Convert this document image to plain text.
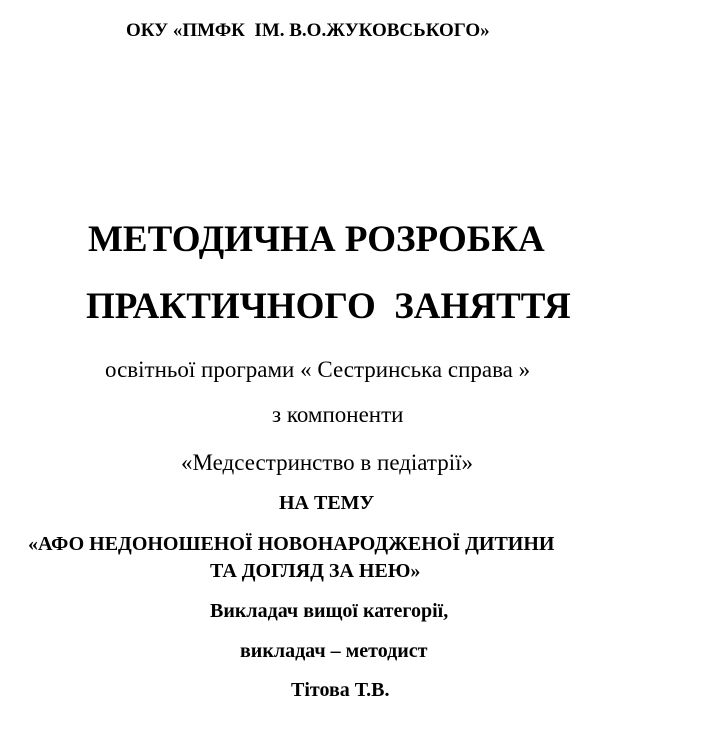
ОКУ «ПМФК  ІМ. В.О.ЖУКОВСЬКОГО»
МЕТОДИЧНА РОЗРОБКА
ПРАКТИЧНОГО  ЗАНЯТТЯ
освітньої програми « Сестринська справа »
з компоненти
«Медсестринство в педіатрії»
НА ТЕМУ
«АФО НЕДОНОШЕНОЇ НОВОНАРОДЖЕНОЇ ДИТИНИ
ТА ДОГЛЯД ЗА НЕЮ»
Викладач вищої категорії,
викладач – методист
Тітова Т.В.
